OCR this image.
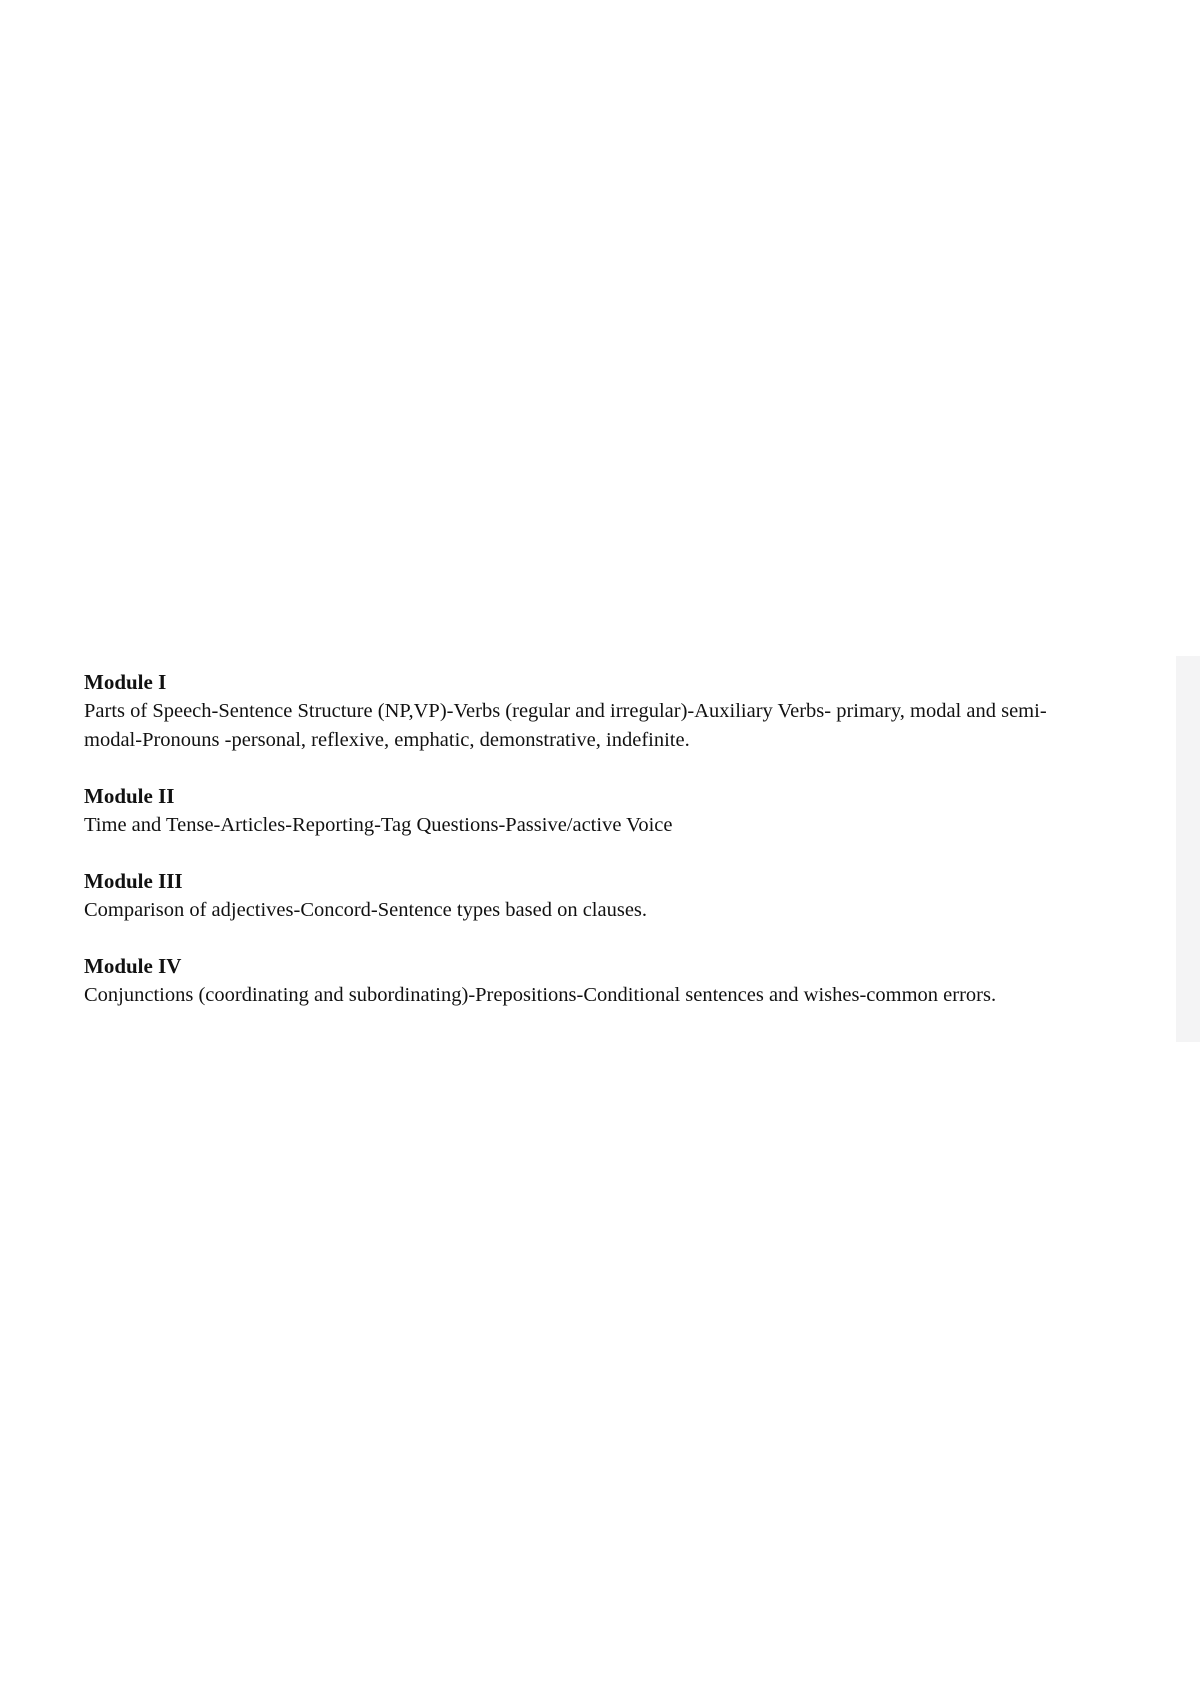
Module I

Parts of Speech-Sentence Structure (NP,VP)-Verbs (regular and irregular)-Auxiliary Verbs- primary, modal and semi-modal-Pronouns -personal, reflexive, emphatic, demonstrative, indefinite.

Module II

Time and Tense-Articles-Reporting-Tag Questions-Passive/active Voice

Module III

Comparison of adjectives-Concord-Sentence types based on clauses.

Module IV

Conjunctions (coordinating and subordinating)-Prepositions-Conditional sentences and wishes-common errors.
